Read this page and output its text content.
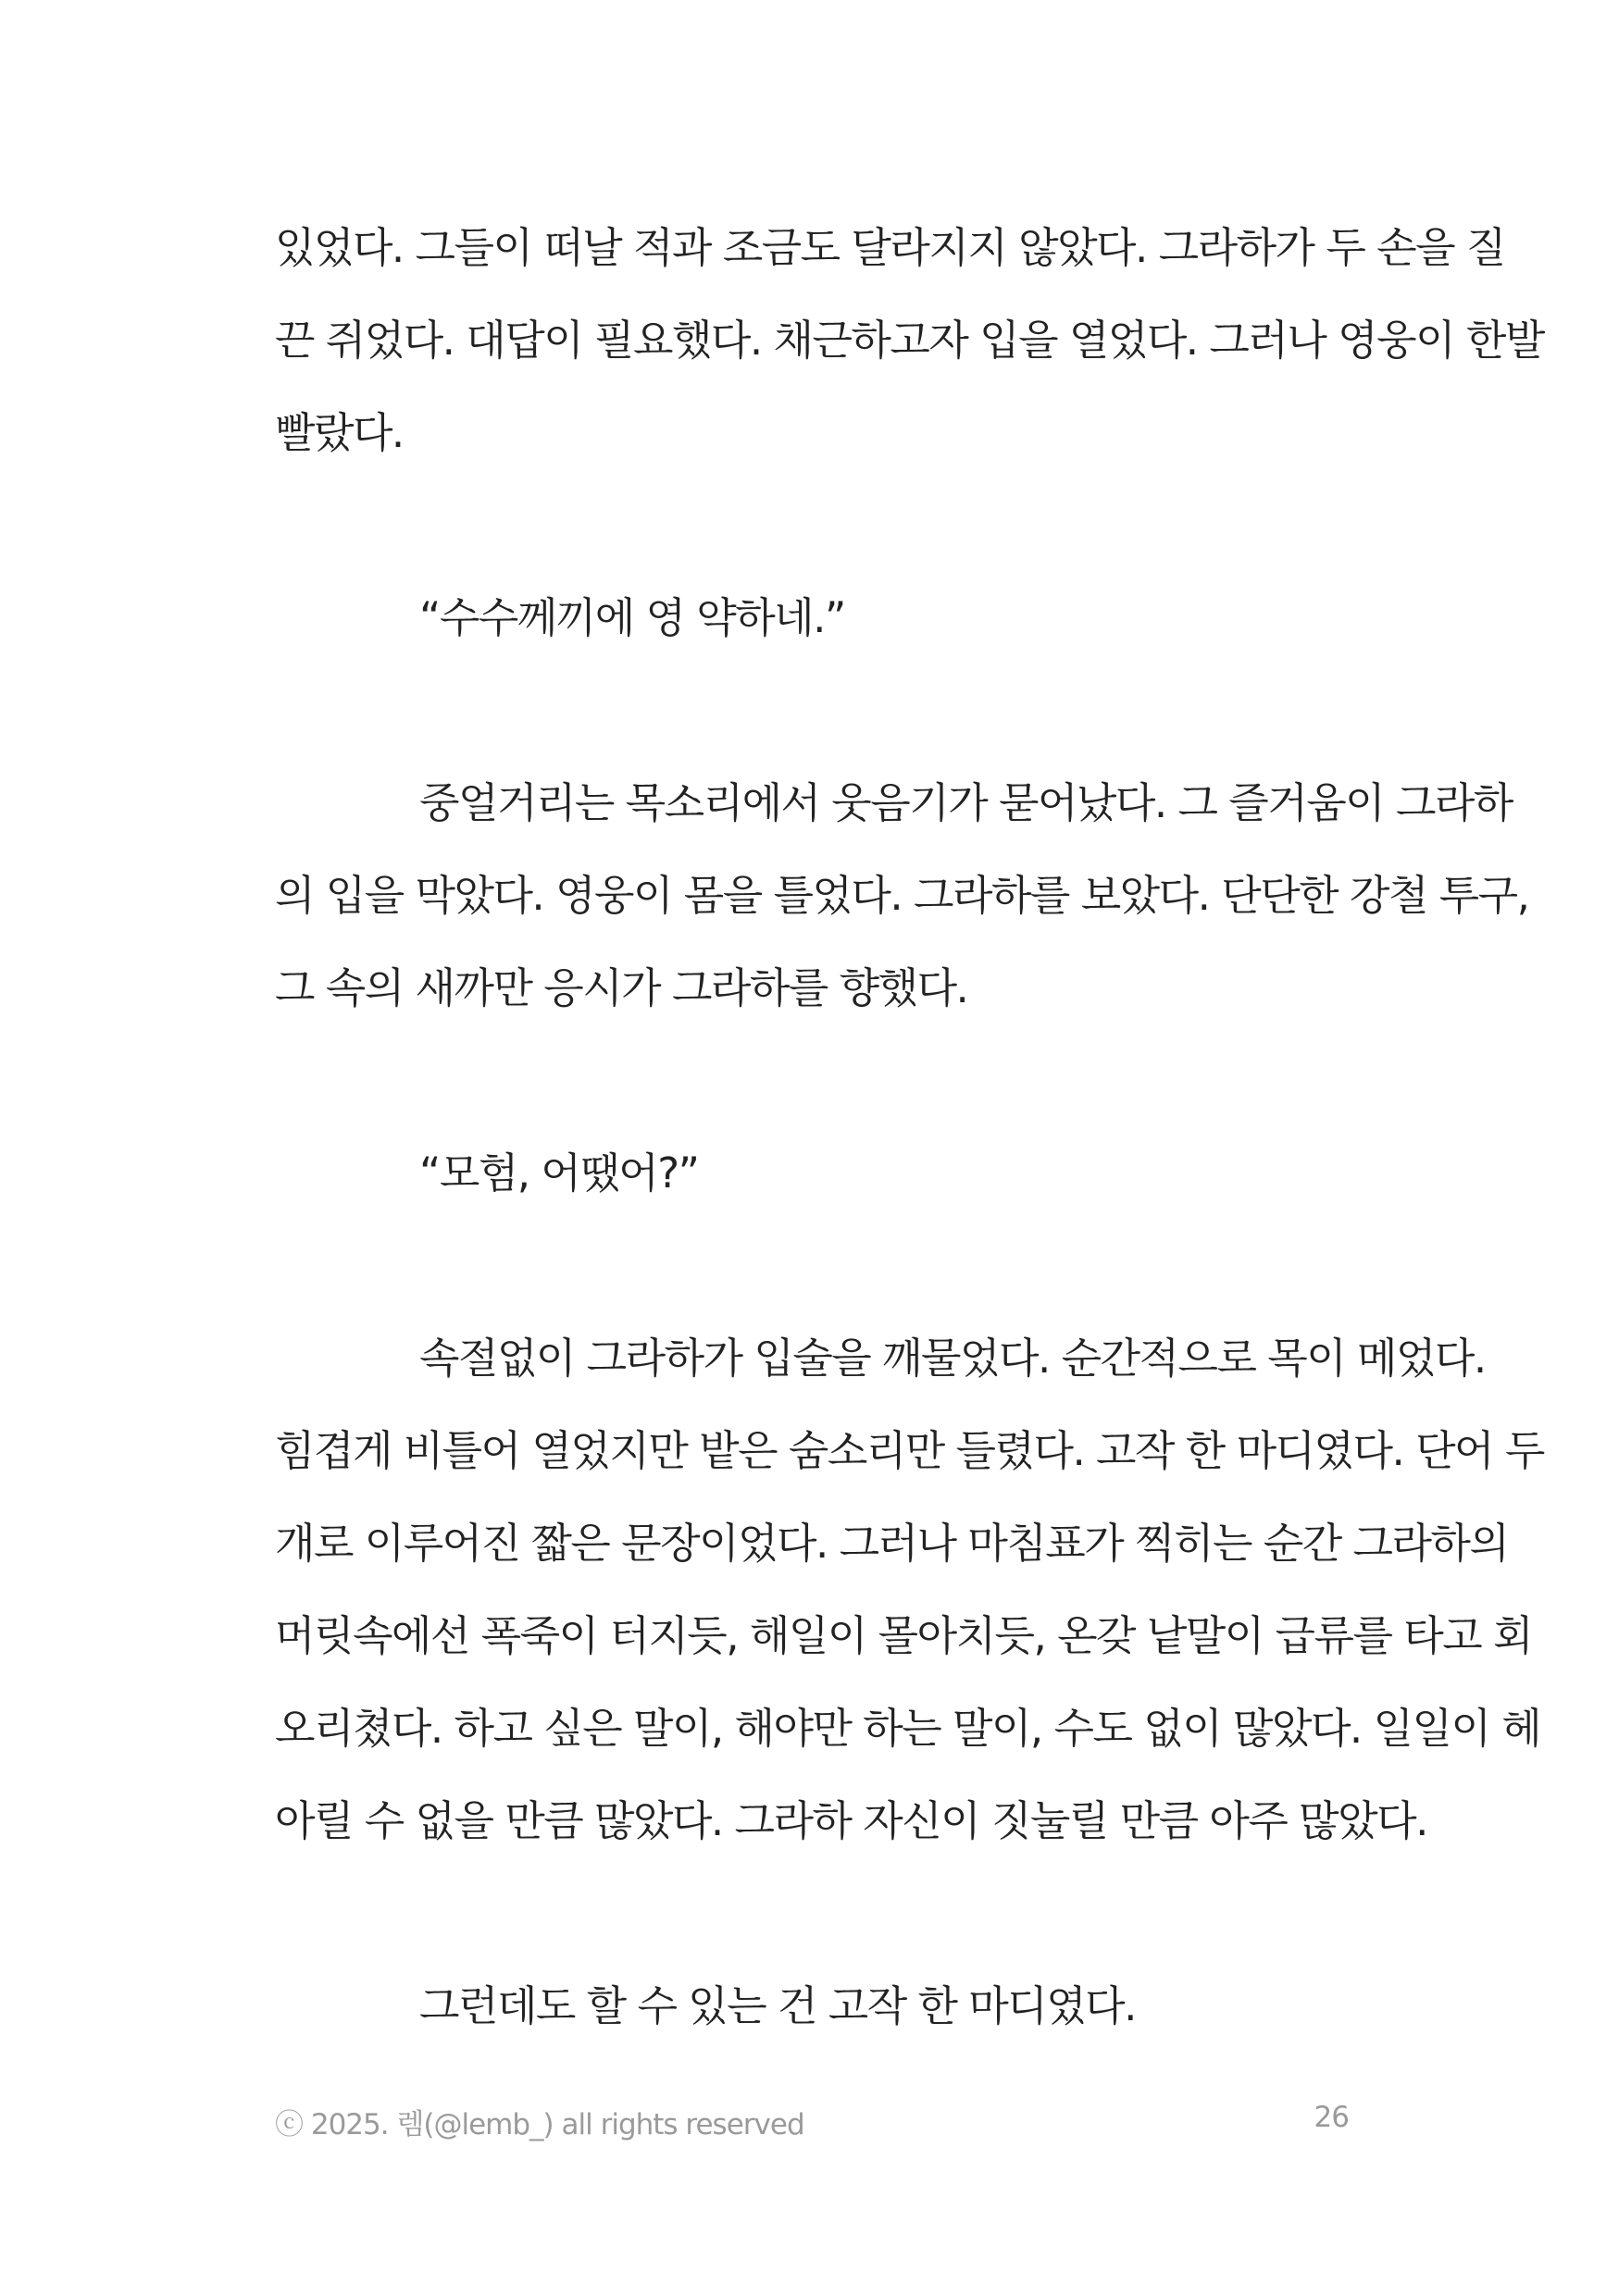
있었다. 그들이 떠날 적과 조금도 달라지지 않았다. 그라하가 두 손을 질
끈 쥐었다. 대답이 필요했다. 채근하고자 입을 열었다. 그러나 영웅이 한발
빨랐다.
“수수께끼에 영 약하네.”
중얼거리는 목소리에서 웃음기가 묻어났다. 그 즐거움이 그라하
의 입을 막았다. 영웅이 몸을 틀었다. 그라하를 보았다. 단단한 강철 투구,
그 속의 새까만 응시가 그라하를 향했다.
“모험, 어땠어?”
속절없이 그라하가 입술을 깨물었다. 순간적으로 목이 메었다.
힘겹게 비틀어 열었지만 밭은 숨소리만 들렸다. 고작 한 마디였다. 단어 두
개로 이루어진 짧은 문장이었다. 그러나 마침표가 찍히는 순간 그라하의
머릿속에선 폭죽이 터지듯, 해일이 몰아치듯, 온갖 낱말이 급류를 타고 회
오리쳤다. 하고 싶은 말이, 해야만 하는 말이, 수도 없이 많았다. 일일이 헤
아릴 수 없을 만큼 많았다. 그라하 자신이 짓눌릴 만큼 아주 많았다.
그런데도 할 수 있는 건 고작 한 마디였다.
ⓒ 2025. 렘(@lemb_) all rights reserved	26
